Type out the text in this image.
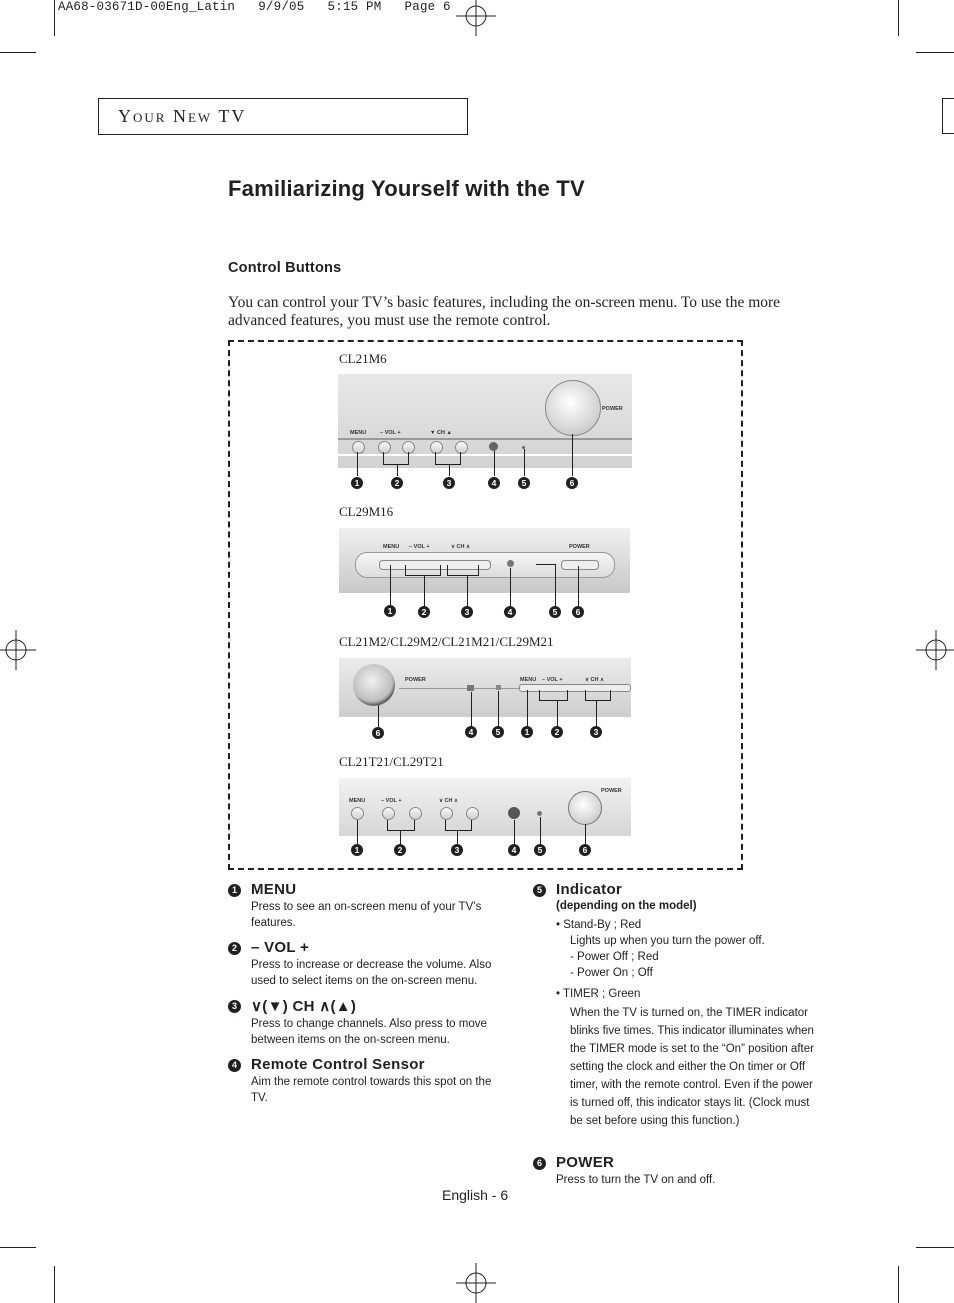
AA68-03671D-00Eng_Latin   9/9/05   5:15 PM   Page 6
Your New TV
Familiarizing Yourself with the TV
Control Buttons
You can control your TV’s basic features, including the on-screen menu. To use the more advanced features, you must use the remote control.
CL21M6
MENU	– VOL +	▼ CH ▲
POWER
1	2	3	4	5	6
CL29M16
MENU – VOL +	∨ CH ∧	POWER
1	2	3	4	5	6
CL21M2/CL29M2/CL21M21/CL29M21
POWER	MENU – VOL +	∨ CH ∧
6	4	5	1	2	3
CL21T21/CL29T21
MENU	– VOL +	∨ CH ∧
POWER
1	2	3	4	5	6
1 MENU
Press to see an on-screen menu of your TV’s features.
2 – VOL +
Press to increase or decrease the volume. Also used to select items on the on-screen menu.
3 ∨(▼) CH ∧(▲)
Press to change channels. Also press to move between items on the on-screen menu.
4 Remote Control Sensor
Aim the remote control towards this spot on the TV.
5 Indicator
(depending on the model)
• Stand-By ; Red
Lights up when you turn the power off.
- Power Off ; Red
- Power On ; Off
• TIMER ; Green
When the TV is turned on, the TIMER indicator blinks five times. This indicator illuminates when the TIMER mode is set to the “On” position after setting the clock and either the On timer or Off timer, with the remote control. Even if the power is turned off, this indicator stays lit. (Clock must be set before using this function.)
6 POWER
Press to turn the TV on and off.
English - 6
